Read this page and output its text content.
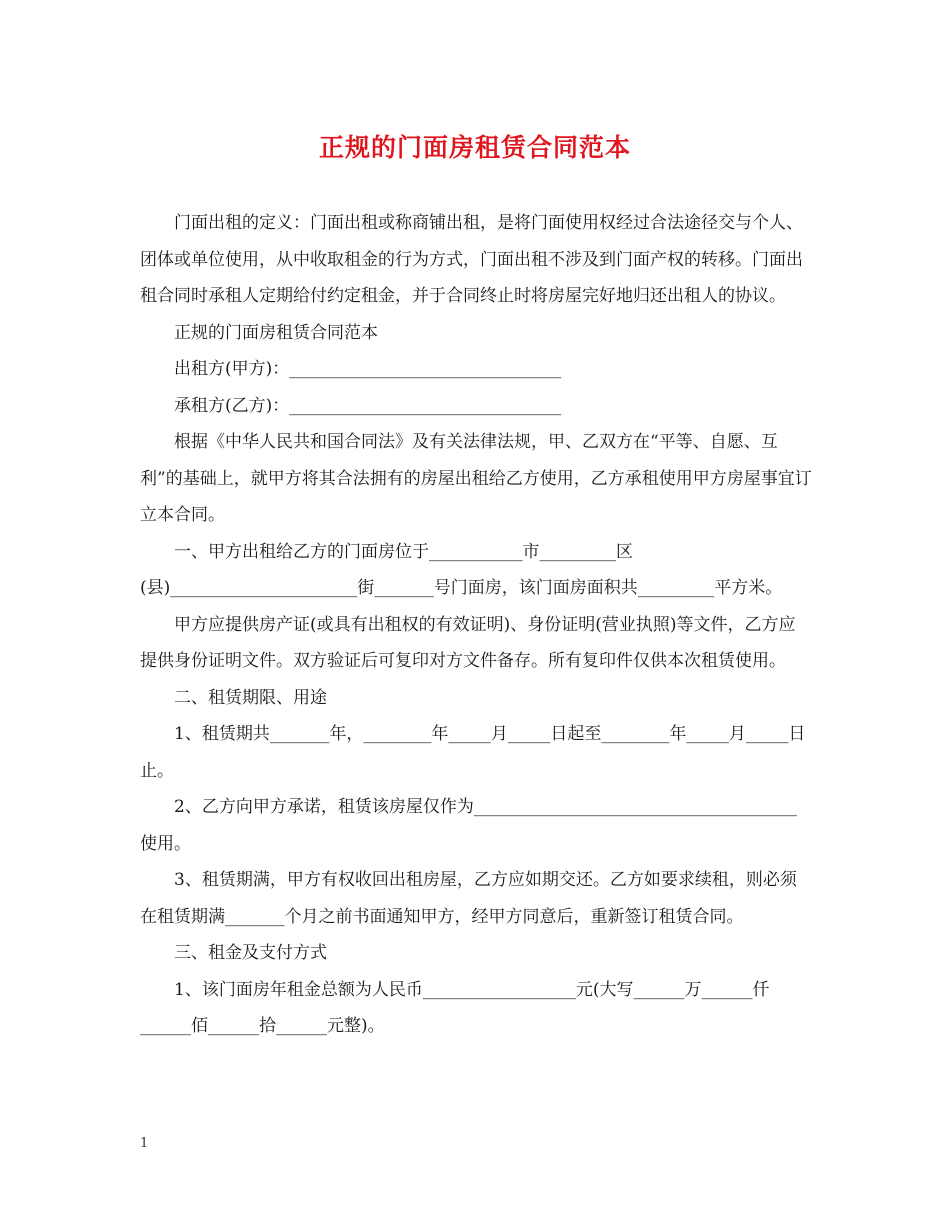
正规的门面房租赁合同范本

门面出租的定义：门面出租或称商铺出租，是将门面使用权经过合法途径交与个人、团体或单位使用，从中收取租金的行为方式，门面出租不涉及到门面产权的转移。门面出租合同时承租人定期给付约定租金，并于合同终止时将房屋完好地归还出租人的协议。

正规的门面房租赁合同范本

出租方(甲方)：________________________________

承租方(乙方)：________________________________

根据《中华人民共和国合同法》及有关法律法规，甲、乙双方在“平等、自愿、互利”的基础上，就甲方将其合法拥有的房屋出租给乙方使用，乙方承租使用甲方房屋事宜订立本合同。

一、甲方出租给乙方的门面房位于___________市_________区(县)______________________街_______号门面房，该门面房面积共_________平方米。

甲方应提供房产证(或具有出租权的有效证明)、身份证明(营业执照)等文件，乙方应提供身份证明文件。双方验证后可复印对方文件备存。所有复印件仅供本次租赁使用。

二、租赁期限、用途

1、租赁期共_______年，________年_____月_____日起至________年_____月_____日止。

2、乙方向甲方承诺，租赁该房屋仅作为______________________________________使用。

3、租赁期满，甲方有权收回出租房屋，乙方应如期交还。乙方如要求续租，则必须在租赁期满_______个月之前书面通知甲方，经甲方同意后，重新签订租赁合同。

三、租金及支付方式

1、该门面房年租金总额为人民币__________________元(大写______万______仟______佰______拾______元整)。

1
